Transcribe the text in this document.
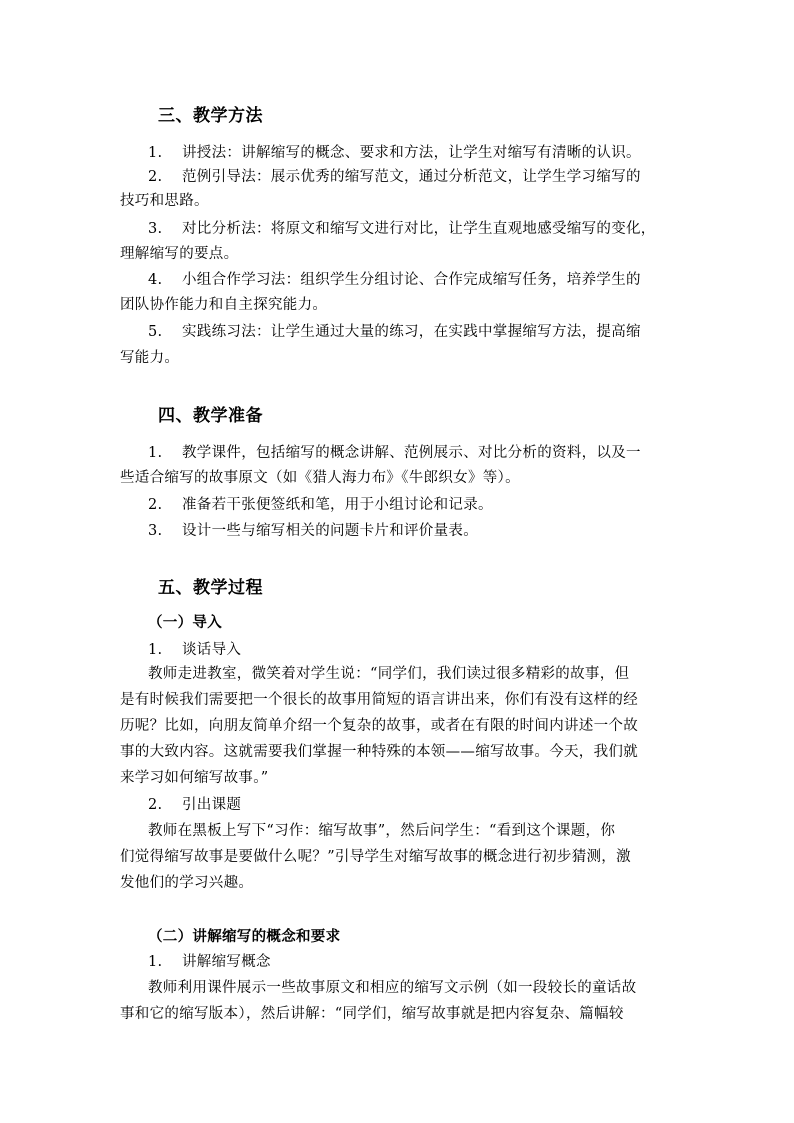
三、教学方法
1. 讲授法：讲解缩写的概念、要求和方法，让学生对缩写有清晰的认识。
2. 范例引导法：展示优秀的缩写范文，通过分析范文，让学生学习缩写的
技巧和思路。
3. 对比分析法：将原文和缩写文进行对比，让学生直观地感受缩写的变化，
理解缩写的要点。
4. 小组合作学习法：组织学生分组讨论、合作完成缩写任务，培养学生的
团队协作能力和自主探究能力。
5. 实践练习法：让学生通过大量的练习，在实践中掌握缩写方法，提高缩
写能力。
四、教学准备
1. 教学课件，包括缩写的概念讲解、范例展示、对比分析的资料，以及一
些适合缩写的故事原文（如《猎人海力布》《牛郎织女》等）。
2. 准备若干张便签纸和笔，用于小组讨论和记录。
3. 设计一些与缩写相关的问题卡片和评价量表。
五、教学过程
（一）导入
1. 谈话导入
教师走进教室，微笑着对学生说：“同学们，我们读过很多精彩的故事，但
是有时候我们需要把一个很长的故事用简短的语言讲出来，你们有没有这样的经
历呢？比如，向朋友简单介绍一个复杂的故事，或者在有限的时间内讲述一个故
事的大致内容。这就需要我们掌握一种特殊的本领——缩写故事。今天，我们就
来学习如何缩写故事。”
2. 引出课题
教师在黑板上写下“习作：缩写故事”，然后问学生：“看到这个课题，你
们觉得缩写故事是要做什么呢？”引导学生对缩写故事的概念进行初步猜测，激
发他们的学习兴趣。
（二）讲解缩写的概念和要求
1. 讲解缩写概念
教师利用课件展示一些故事原文和相应的缩写文示例（如一段较长的童话故
事和它的缩写版本），然后讲解：“同学们，缩写故事就是把内容复杂、篇幅较
